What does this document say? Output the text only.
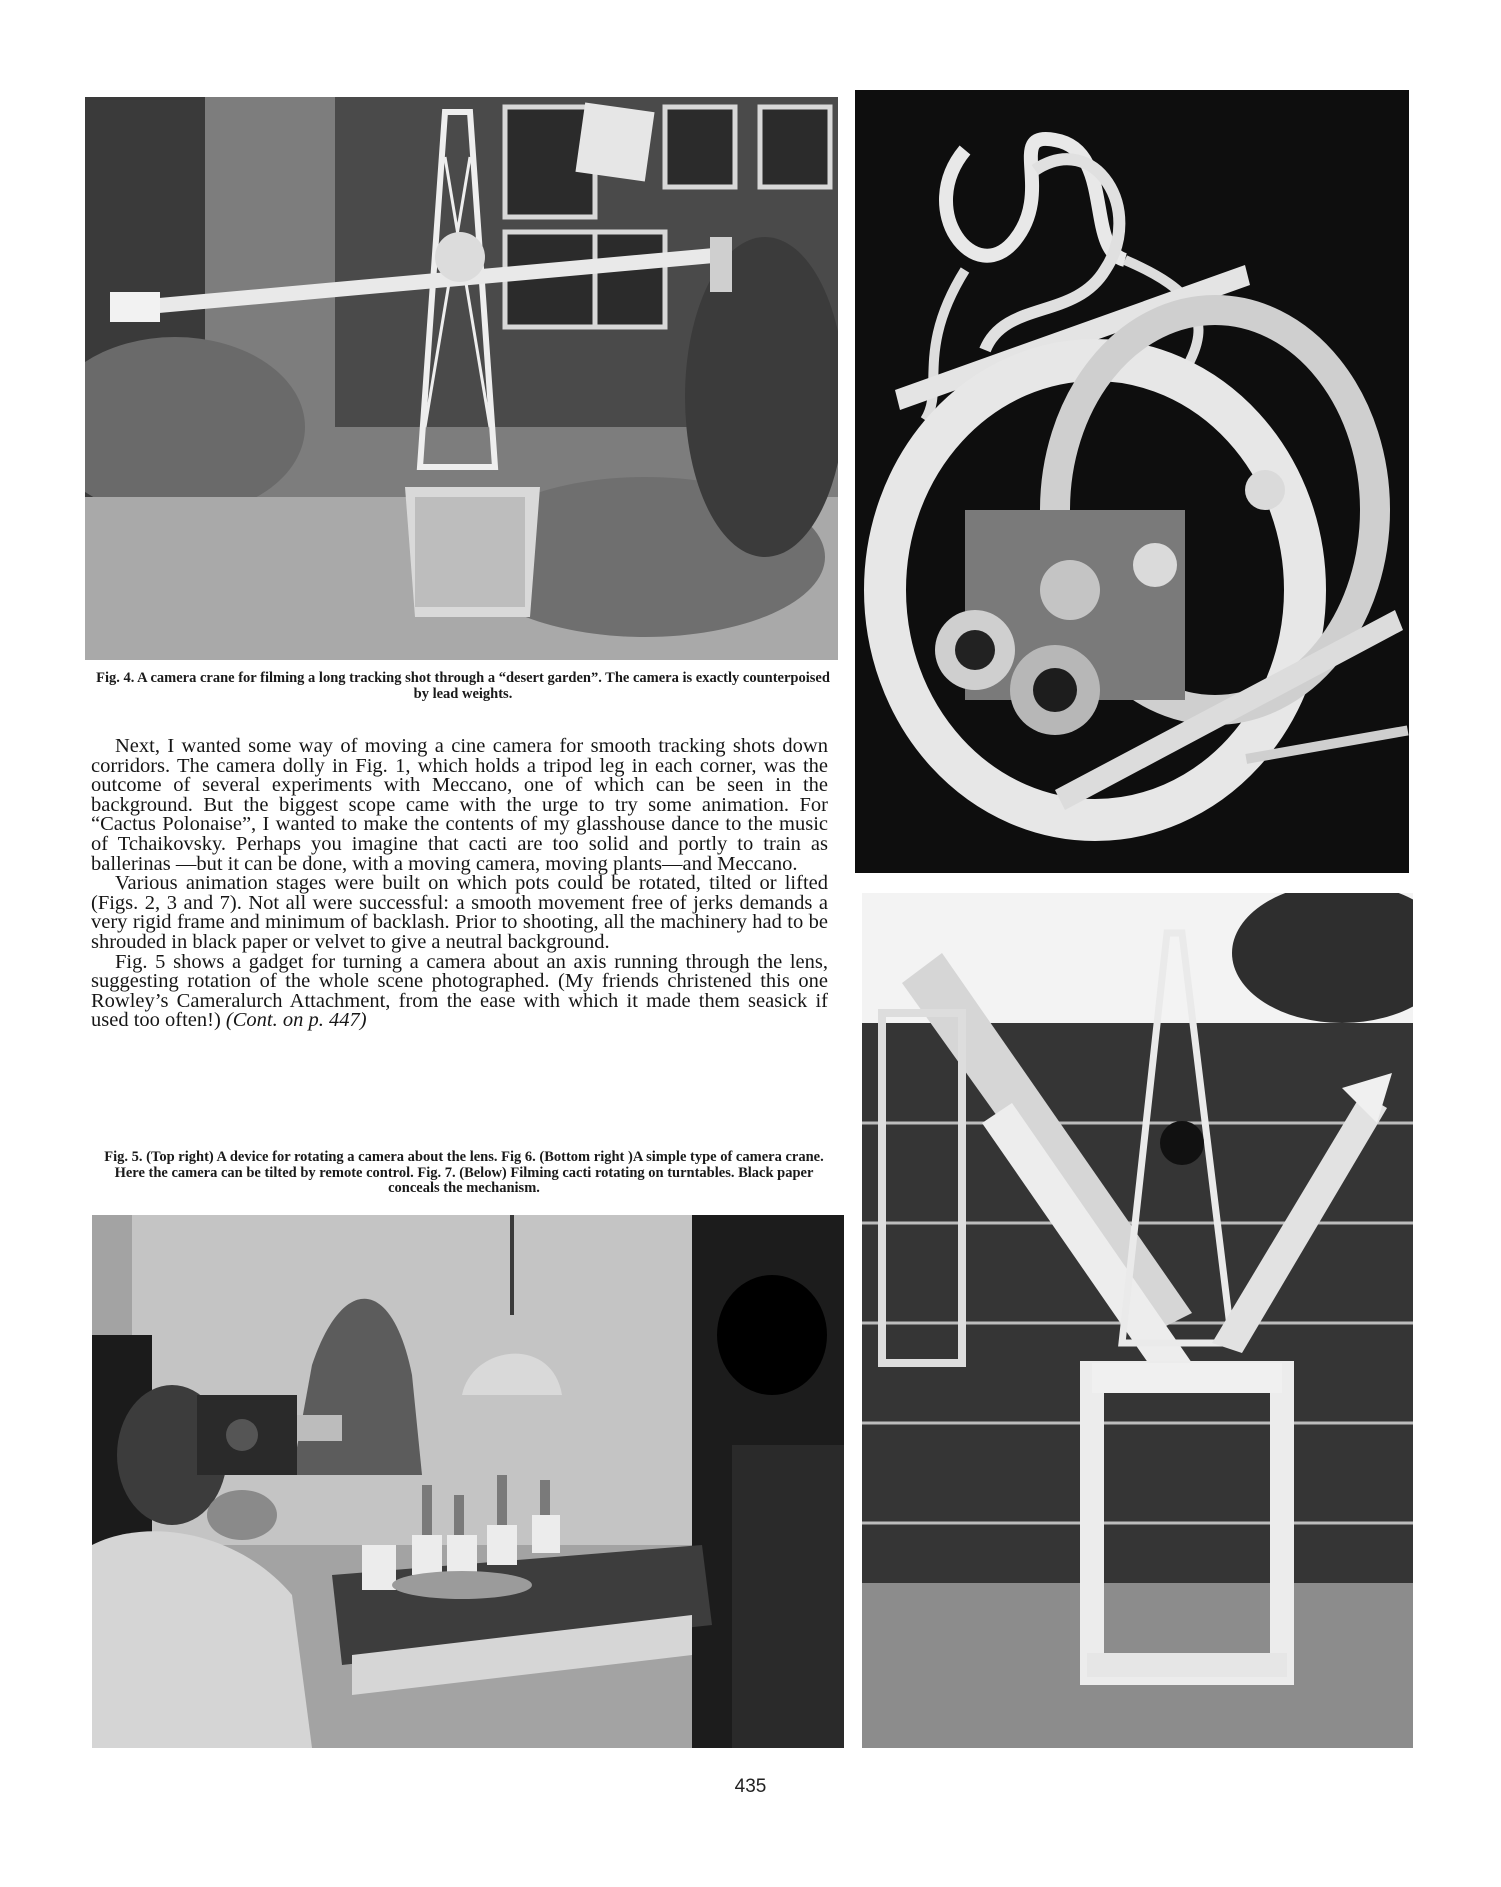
Fig. 4. A camera crane for filming a long tracking shot through a “desert garden”. The camera is exactly counterpoised by lead weights.

Next, I wanted some way of moving a cine camera for smooth tracking shots down corridors. The camera dolly in Fig. 1, which holds a tripod leg in each corner, was the outcome of several experiments with Meccano, one of which can be seen in the background. But the biggest scope came with the urge to try some animation. For “Cactus Polonaise”, I wanted to make the contents of my glasshouse dance to the music of Tchaikovsky. Perhaps you imagine that cacti are too solid and portly to train as ballerinas —but it can be done, with a moving camera, moving plants—and Meccano.

Various animation stages were built on which pots could be rotated, tilted or lifted (Figs. 2, 3 and 7). Not all were successful: a smooth movement free of jerks demands a very rigid frame and minimum of backlash. Prior to shooting, all the machinery had to be shrouded in black paper or velvet to give a neutral background.

Fig. 5 shows a gadget for turning a camera about an axis running through the lens, suggesting rotation of the whole scene photographed. (My friends christened this one Rowley’s Cameralurch Attachment, from the ease with which it made them seasick if used too often!) (Cont. on p. 447)

Fig. 5. (Top right) A device for rotating a camera about the lens. Fig 6. (Bottom right )A simple type of camera crane. Here the camera can be tilted by remote control. Fig. 7. (Below) Filming cacti rotating on turntables. Black paper conceals the mechanism.
435
